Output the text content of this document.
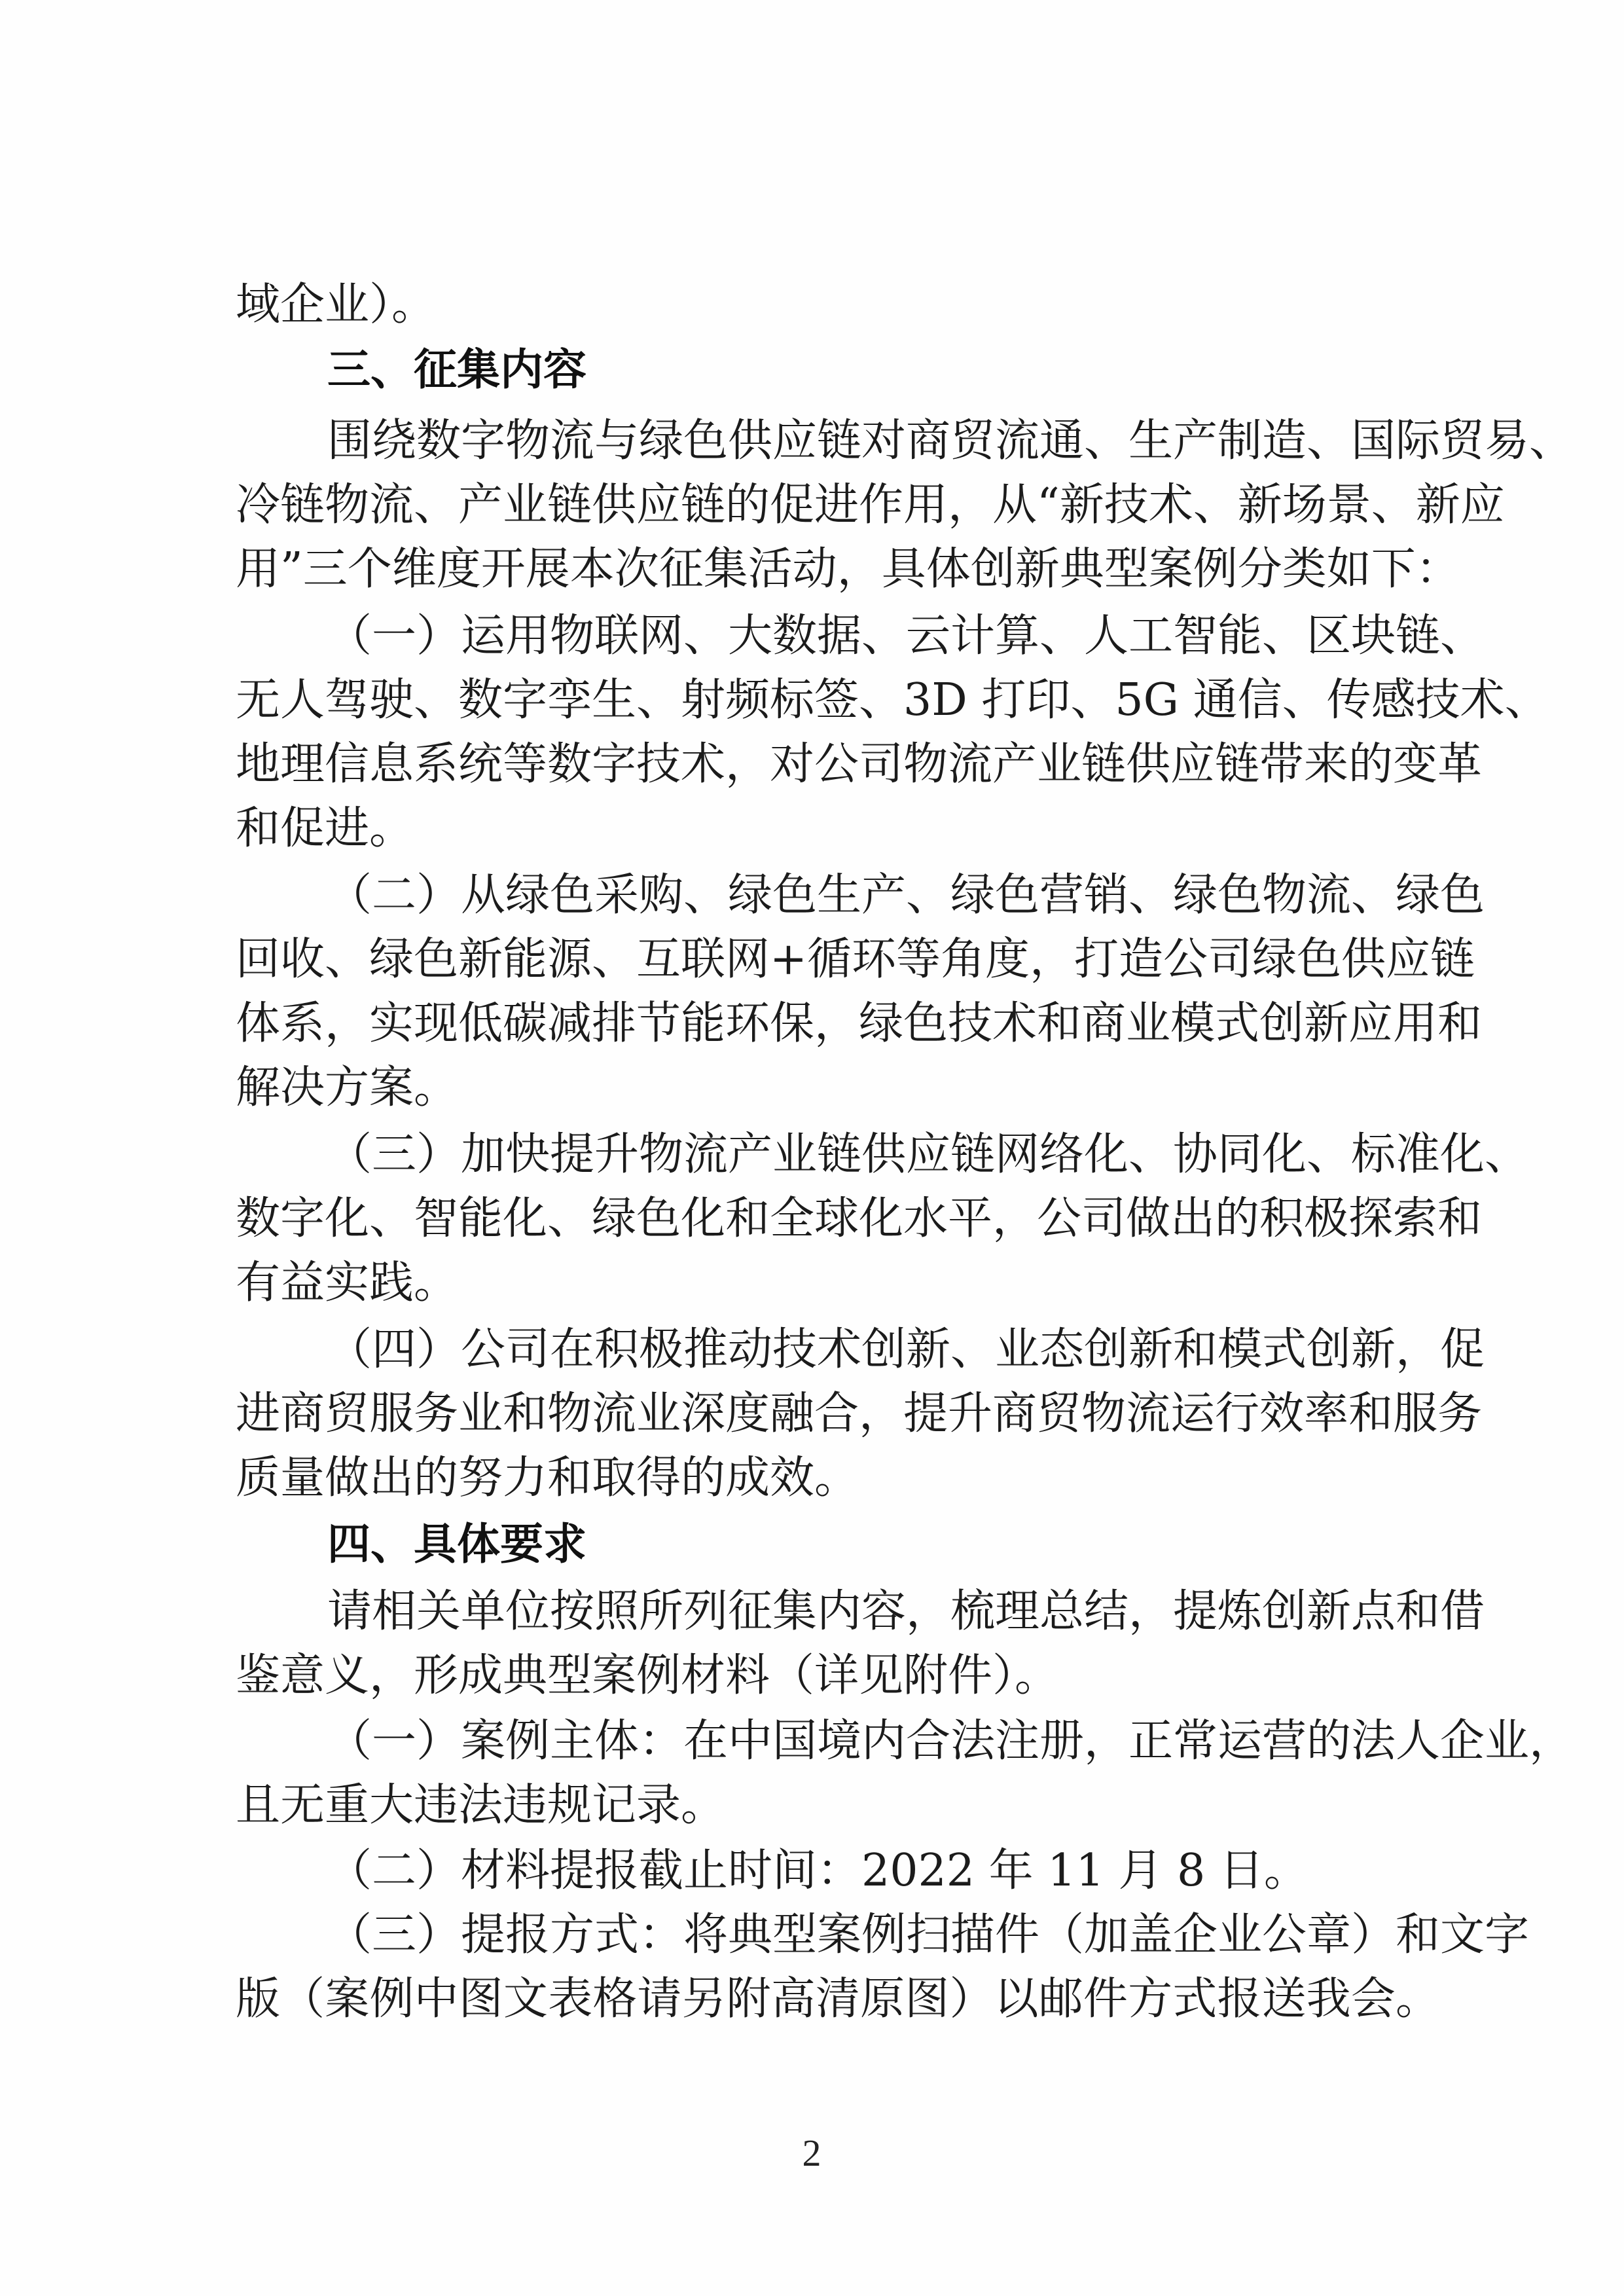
域企业）。
三、征集内容
围绕数字物流与绿色供应链对商贸流通、生产制造、国际贸易、
冷链物流、产业链供应链的促进作用，从“新技术、新场景、新应
用”三个维度开展本次征集活动，具体创新典型案例分类如下：
（一）运用物联网、大数据、云计算、人工智能、区块链、
无人驾驶、数字孪生、射频标签、3D 打印、5G 通信、传感技术、
地理信息系统等数字技术，对公司物流产业链供应链带来的变革
和促进。
（二）从绿色采购、绿色生产、绿色营销、绿色物流、绿色
回收、绿色新能源、互联网+循环等角度，打造公司绿色供应链
体系，实现低碳减排节能环保，绿色技术和商业模式创新应用和
解决方案。
（三）加快提升物流产业链供应链网络化、协同化、标准化、
数字化、智能化、绿色化和全球化水平，公司做出的积极探索和
有益实践。
（四）公司在积极推动技术创新、业态创新和模式创新，促
进商贸服务业和物流业深度融合，提升商贸物流运行效率和服务
质量做出的努力和取得的成效。
四、具体要求
请相关单位按照所列征集内容，梳理总结，提炼创新点和借
鉴意义，形成典型案例材料（详见附件）。
（一）案例主体：在中国境内合法注册，正常运营的法人企业，
且无重大违法违规记录。
（二）材料提报截止时间：2022 年 11 月 8 日。
（三）提报方式：将典型案例扫描件（加盖企业公章）和文字
版（案例中图文表格请另附高清原图）以邮件方式报送我会。
2
